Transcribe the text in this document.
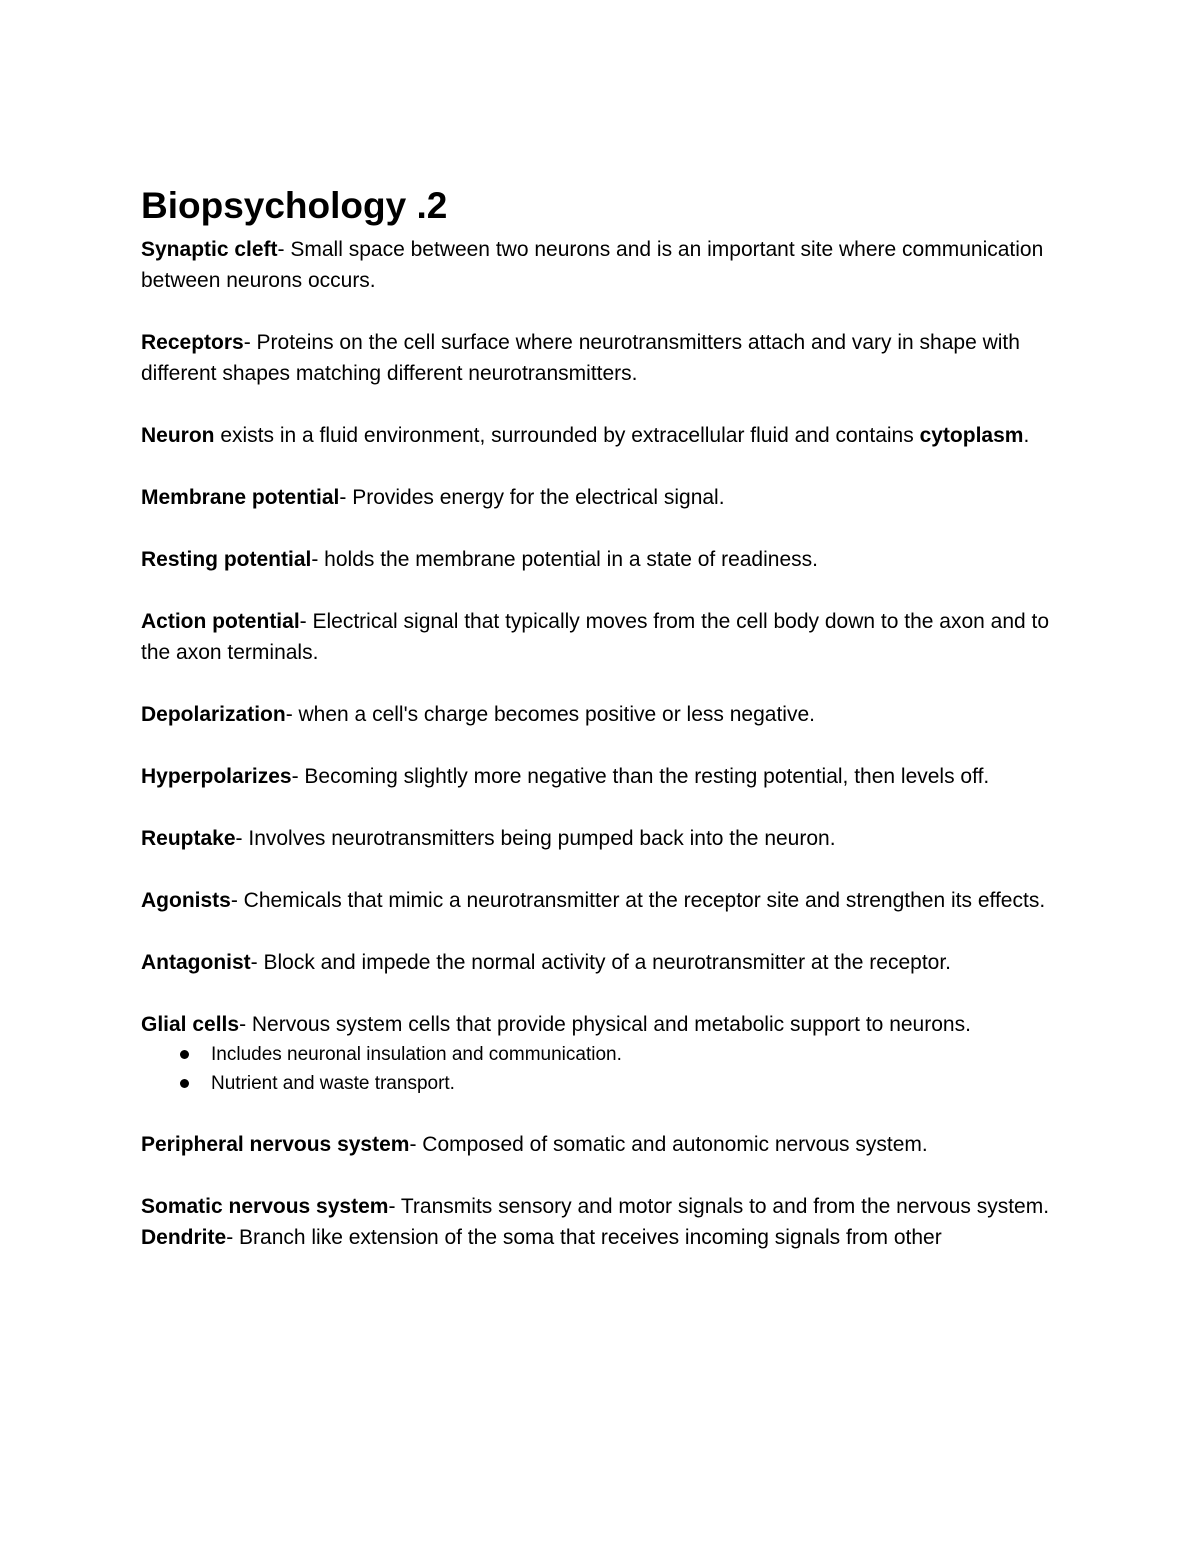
Biopsychology .2

Synaptic cleft- Small space between two neurons and is an important site where communication between neurons occurs.

Receptors- Proteins on the cell surface where neurotransmitters attach and vary in shape with different shapes matching different neurotransmitters.

Neuron exists in a fluid environment, surrounded by extracellular fluid and contains cytoplasm.

Membrane potential- Provides energy for the electrical signal.

Resting potential- holds the membrane potential in a state of readiness.

Action potential- Electrical signal that typically moves from the cell body down to the axon and to the axon terminals.

Depolarization- when a cell's charge becomes positive or less negative.

Hyperpolarizes- Becoming slightly more negative than the resting potential, then levels off.

Reuptake- Involves neurotransmitters being pumped back into the neuron.

Agonists- Chemicals that mimic a neurotransmitter at the receptor site and strengthen its effects.

Antagonist- Block and impede the normal activity of a neurotransmitter at the receptor.

Glial cells- Nervous system cells that provide physical and metabolic support to neurons.

Includes neuronal insulation and communication.
Nutrient and waste transport.

Peripheral nervous system- Composed of somatic and autonomic nervous system.

Somatic nervous system- Transmits sensory and motor signals to and from the nervous system.

Dendrite- Branch like extension of the soma that receives incoming signals from other
